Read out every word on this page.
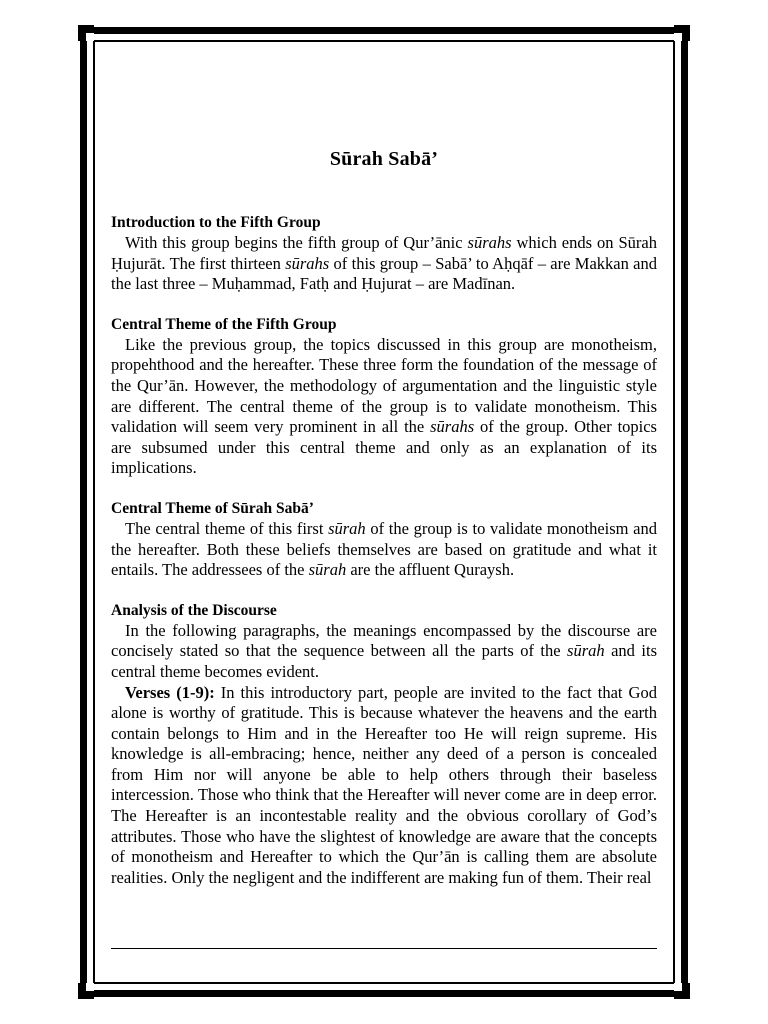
Sūrah Sabā’
Introduction to the Fifth Group

With this group begins the fifth group of Qur’ānic sūrahs which ends on Sūrah Ḥujurāt. The first thirteen sūrahs of this group – Sabā’ to Aḥqāf – are Makkan and the last three – Muḥammad, Fatḥ and Ḥujurat – are Madīnan.

Central Theme of the Fifth Group

Like the previous group, the topics discussed in this group are monotheism, propehthood and the hereafter. These three form the foundation of the message of the Qur’ān. However, the methodology of argumentation and the linguistic style are different. The central theme of the group is to validate monotheism. This validation will seem very prominent in all the sūrahs of the group. Other topics are subsumed under this central theme and only as an explanation of its implications.

Central Theme of Sūrah Sabā’

The central theme of this first sūrah of the group is to validate monotheism and the hereafter. Both these beliefs themselves are based on gratitude and what it entails. The addressees of the sūrah are the affluent Quraysh.

Analysis of the Discourse

In the following paragraphs, the meanings encompassed by the discourse are concisely stated so that the sequence between all the parts of the sūrah and its central theme becomes evident.

Verses (1-9): In this introductory part, people are invited to the fact that God alone is worthy of gratitude. This is because whatever the heavens and the earth contain belongs to Him and in the Hereafter too He will reign supreme. His knowledge is all-embracing; hence, neither any deed of a person is concealed from Him nor will anyone be able to help others through their baseless intercession. Those who think that the Hereafter will never come are in deep error. The Hereafter is an incontestable reality and the obvious corollary of God’s attributes. Those who have the slightest of knowledge are aware that the concepts of monotheism and Hereafter to which the Qur’ān is calling them are absolute realities. Only the negligent and the indifferent are making fun of them. Their real
